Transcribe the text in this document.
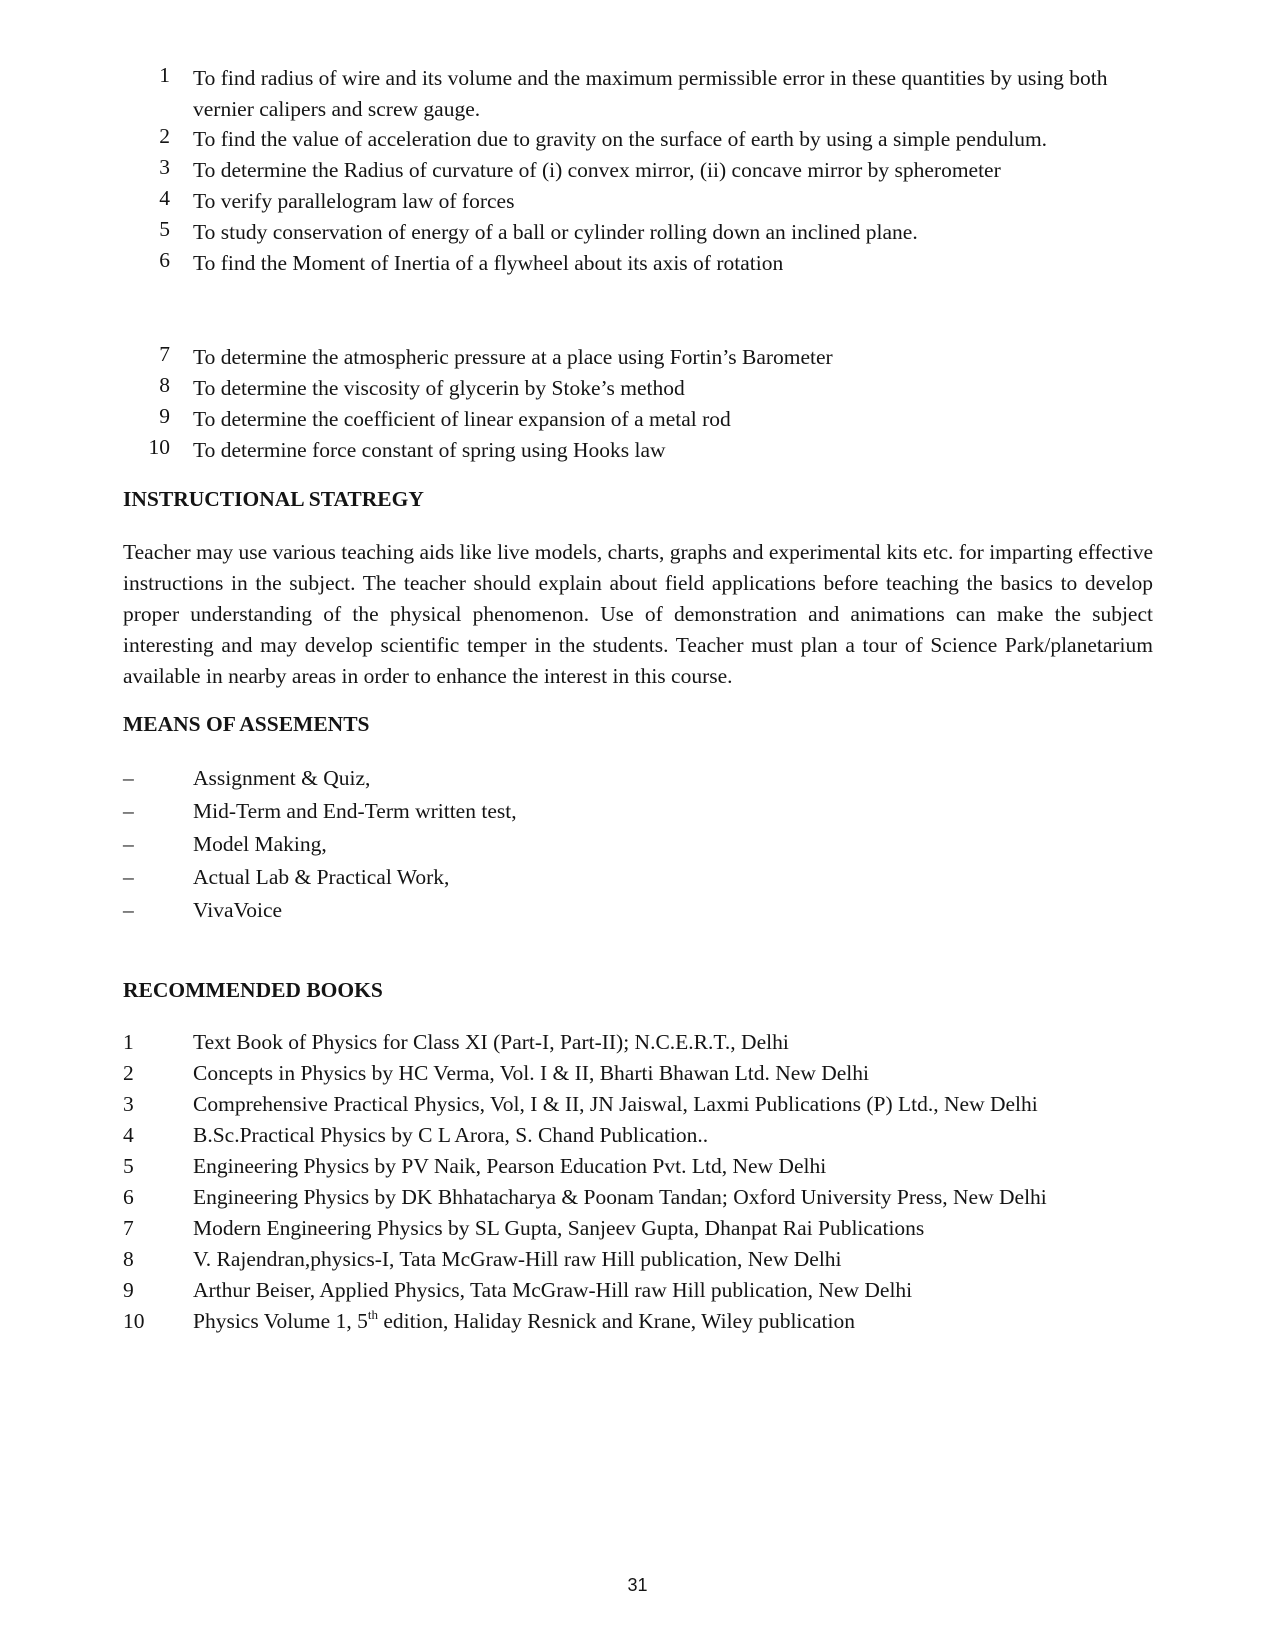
1 To find radius of wire and its volume and the maximum permissible error in these quantities by using both vernier calipers and screw gauge.
2 To find the value of acceleration due to gravity on the surface of earth by using a simple pendulum.
3 To determine the Radius of curvature of (i) convex mirror, (ii) concave mirror by spherometer
4 To verify parallelogram law of forces
5 To study conservation of energy of a ball or cylinder rolling down an inclined plane.
6 To find the Moment of Inertia of a flywheel about its axis of rotation
7 To determine the atmospheric pressure at a place using Fortin’s Barometer
8 To determine the viscosity of glycerin by Stoke’s method
9 To determine the coefficient of linear expansion of a metal rod
10 To determine force constant of spring using Hooks law
INSTRUCTIONAL STATREGY
Teacher may use various teaching aids like live models, charts, graphs and experimental kits etc. for imparting effective instructions in the subject. The teacher should explain about field applications before teaching the basics to develop proper understanding of the physical phenomenon. Use of demonstration and animations can make the subject interesting and may develop scientific temper in the students. Teacher must plan a tour of Science Park/planetarium available in nearby areas in order to enhance the interest in this course.
MEANS OF ASSEMENTS
–	Assignment & Quiz,
–	Mid-Term and End-Term written test,
–	Model Making,
–	Actual Lab & Practical Work,
–	VivaVoice
RECOMMENDED BOOKS
1	Text Book of Physics for Class XI (Part-I, Part-II); N.C.E.R.T., Delhi
2	Concepts in Physics by HC Verma, Vol. I & II, Bharti Bhawan Ltd. New Delhi
3	Comprehensive Practical Physics, Vol, I & II, JN Jaiswal, Laxmi Publications (P) Ltd., New Delhi
4	B.Sc.Practical Physics by C L Arora, S. Chand Publication..
5	Engineering Physics by PV Naik, Pearson Education Pvt. Ltd, New Delhi
6	Engineering Physics by DK Bhhatacharya & Poonam Tandan; Oxford University Press, New Delhi
7	Modern Engineering Physics by SL Gupta, Sanjeev Gupta, Dhanpat Rai Publications
8	V. Rajendran,physics-I, Tata McGraw-Hill raw Hill publication, New Delhi
9	Arthur Beiser, Applied Physics, Tata McGraw-Hill raw Hill publication, New Delhi
10 Physics Volume 1, 5th edition, Haliday Resnick and Krane, Wiley publication
31
